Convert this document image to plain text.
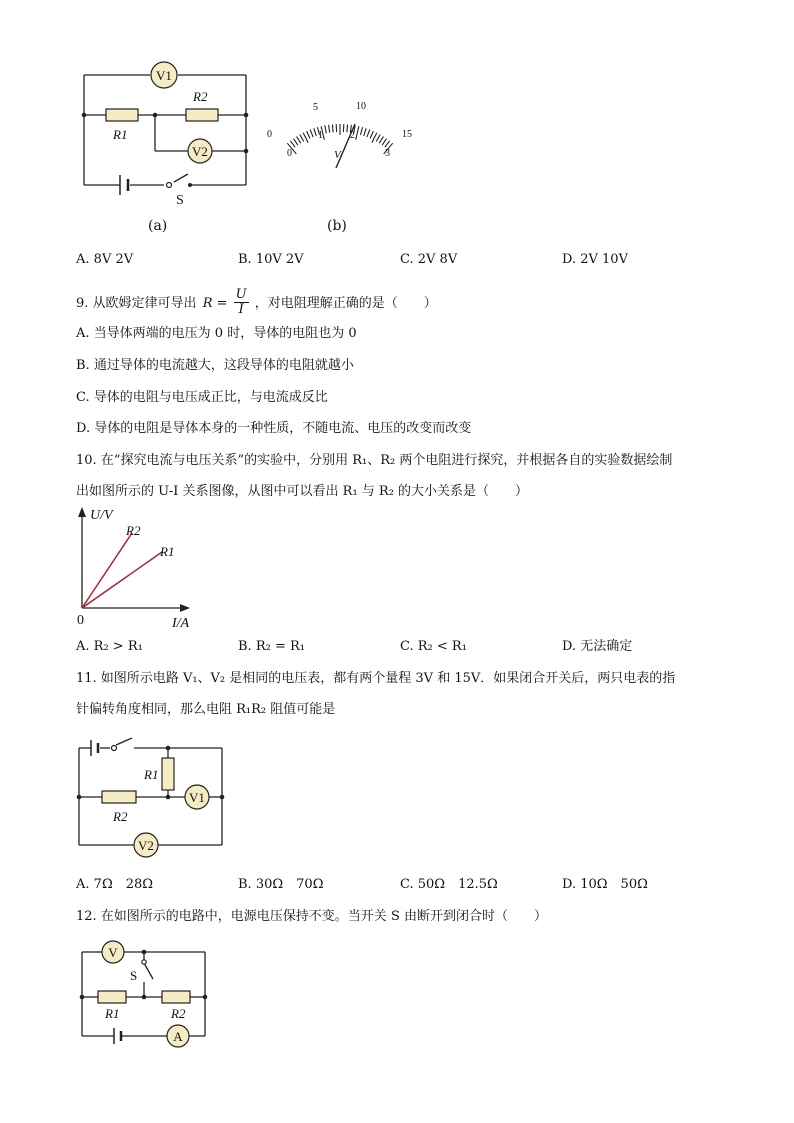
V1
V2
R2
R1
S
(a)
0
5	10
15
0
1	2
3
V
(b)
A. 8V 2V	B. 10V 2V	C. 2V 8V	D. 2V 10V
9. 从欧姆定律可导出 $R = \frac{U}{I}$ ，对电阻理解正确的是（　　）
A. 当导体两端的电压为 0 时，导体的电阻也为 0
B. 通过导体的电流越大，这段导体的电阻就越小
C. 导体的电阻与电压成正比，与电流成反比
D. 导体的电阻是导体本身的一种性质，不随电流、电压的改变而改变
10. 在“探究电流与电压关系”的实验中，分别用 R₁、R₂ 两个电阻进行探究，并根据各自的实验数据绘制
出如图所示的 U-I 关系图像，从图中可以看出 R₁ 与 R₂ 的大小关系是（　　）
U/V
I/A
R2
R1
0
A. R₂ > R₁	B. R₂ = R₁	C. R₂ < R₁	D. 无法确定
11. 如图所示电路 V₁、V₂ 是相同的电压表，都有两个量程 3V 和 15V．如果闭合开关后，两只电表的指
针偏转角度相同，那么电阻 R₁R₂ 阻值可能是
V1
V2
R1
R2
A. 7Ω　28Ω	B. 30Ω　70Ω	C. 50Ω　12.5Ω	D. 10Ω　50Ω
12. 在如图所示的电路中，电源电压保持不变。当开关 S 由断开到闭合时（　　）
V
A
S
R1	R2
